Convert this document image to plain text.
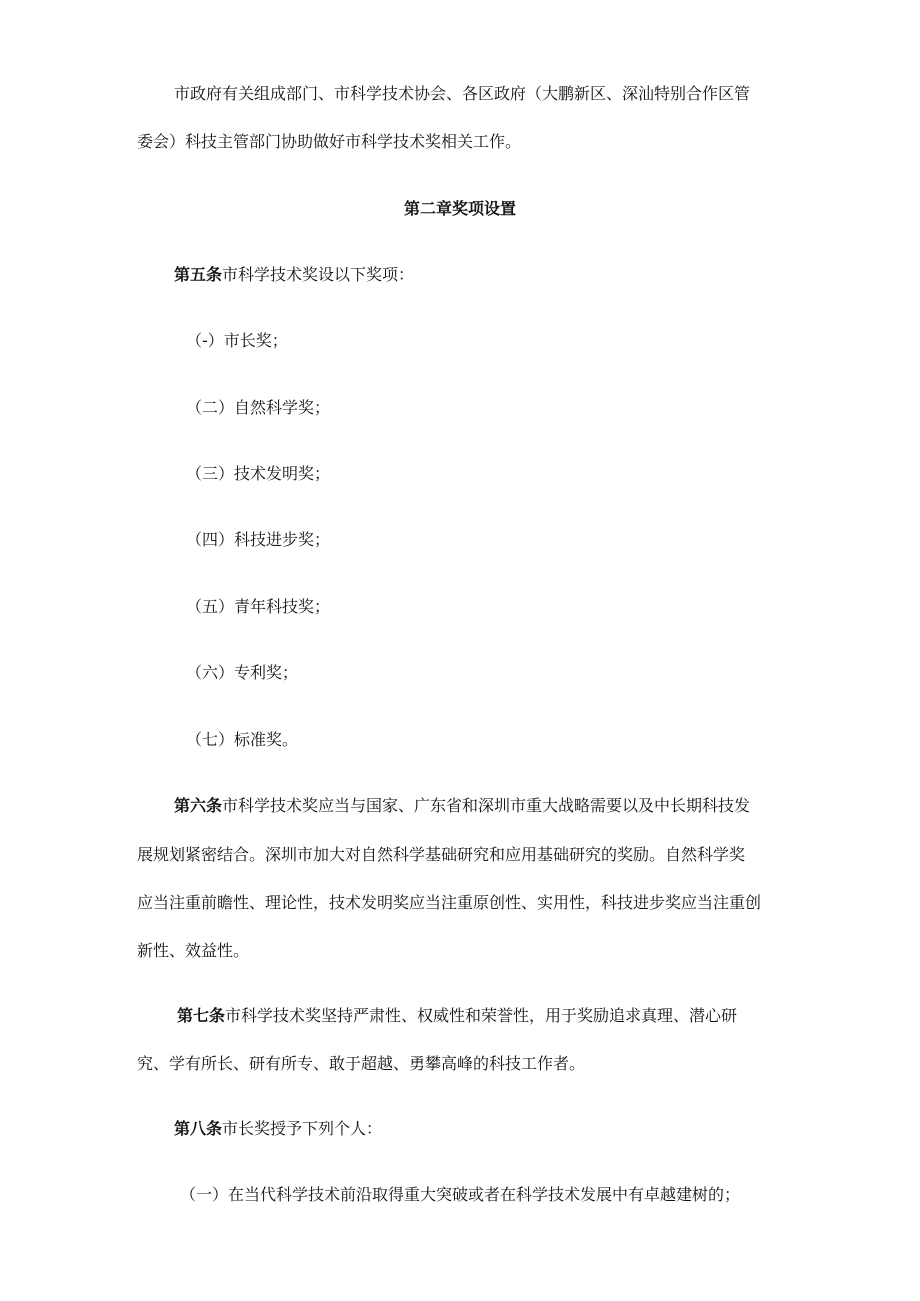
市政府有关组成部门、市科学技术协会、各区政府（大鹏新区、深汕特别合作区管
委会）科技主管部门协助做好市科学技术奖相关工作。
第二章奖项设置
第五条市科学技术奖设以下奖项：
（-）市长奖；
（二）自然科学奖；
（三）技术发明奖；
（四）科技进步奖；
（五）青年科技奖；
（六）专利奖；
（七）标准奖。
第六条市科学技术奖应当与国家、广东省和深圳市重大战略需要以及中长期科技发
展规划紧密结合。深圳市加大对自然科学基础研究和应用基础研究的奖励。自然科学奖
应当注重前瞻性、理论性，技术发明奖应当注重原创性、实用性，科技进步奖应当注重创
新性、效益性。
第七条市科学技术奖坚持严肃性、权威性和荣誉性，用于奖励追求真理、潜心研
究、学有所长、研有所专、敢于超越、勇攀高峰的科技工作者。
第八条市长奖授予下列个人：
（一）在当代科学技术前沿取得重大突破或者在科学技术发展中有卓越建树的；
